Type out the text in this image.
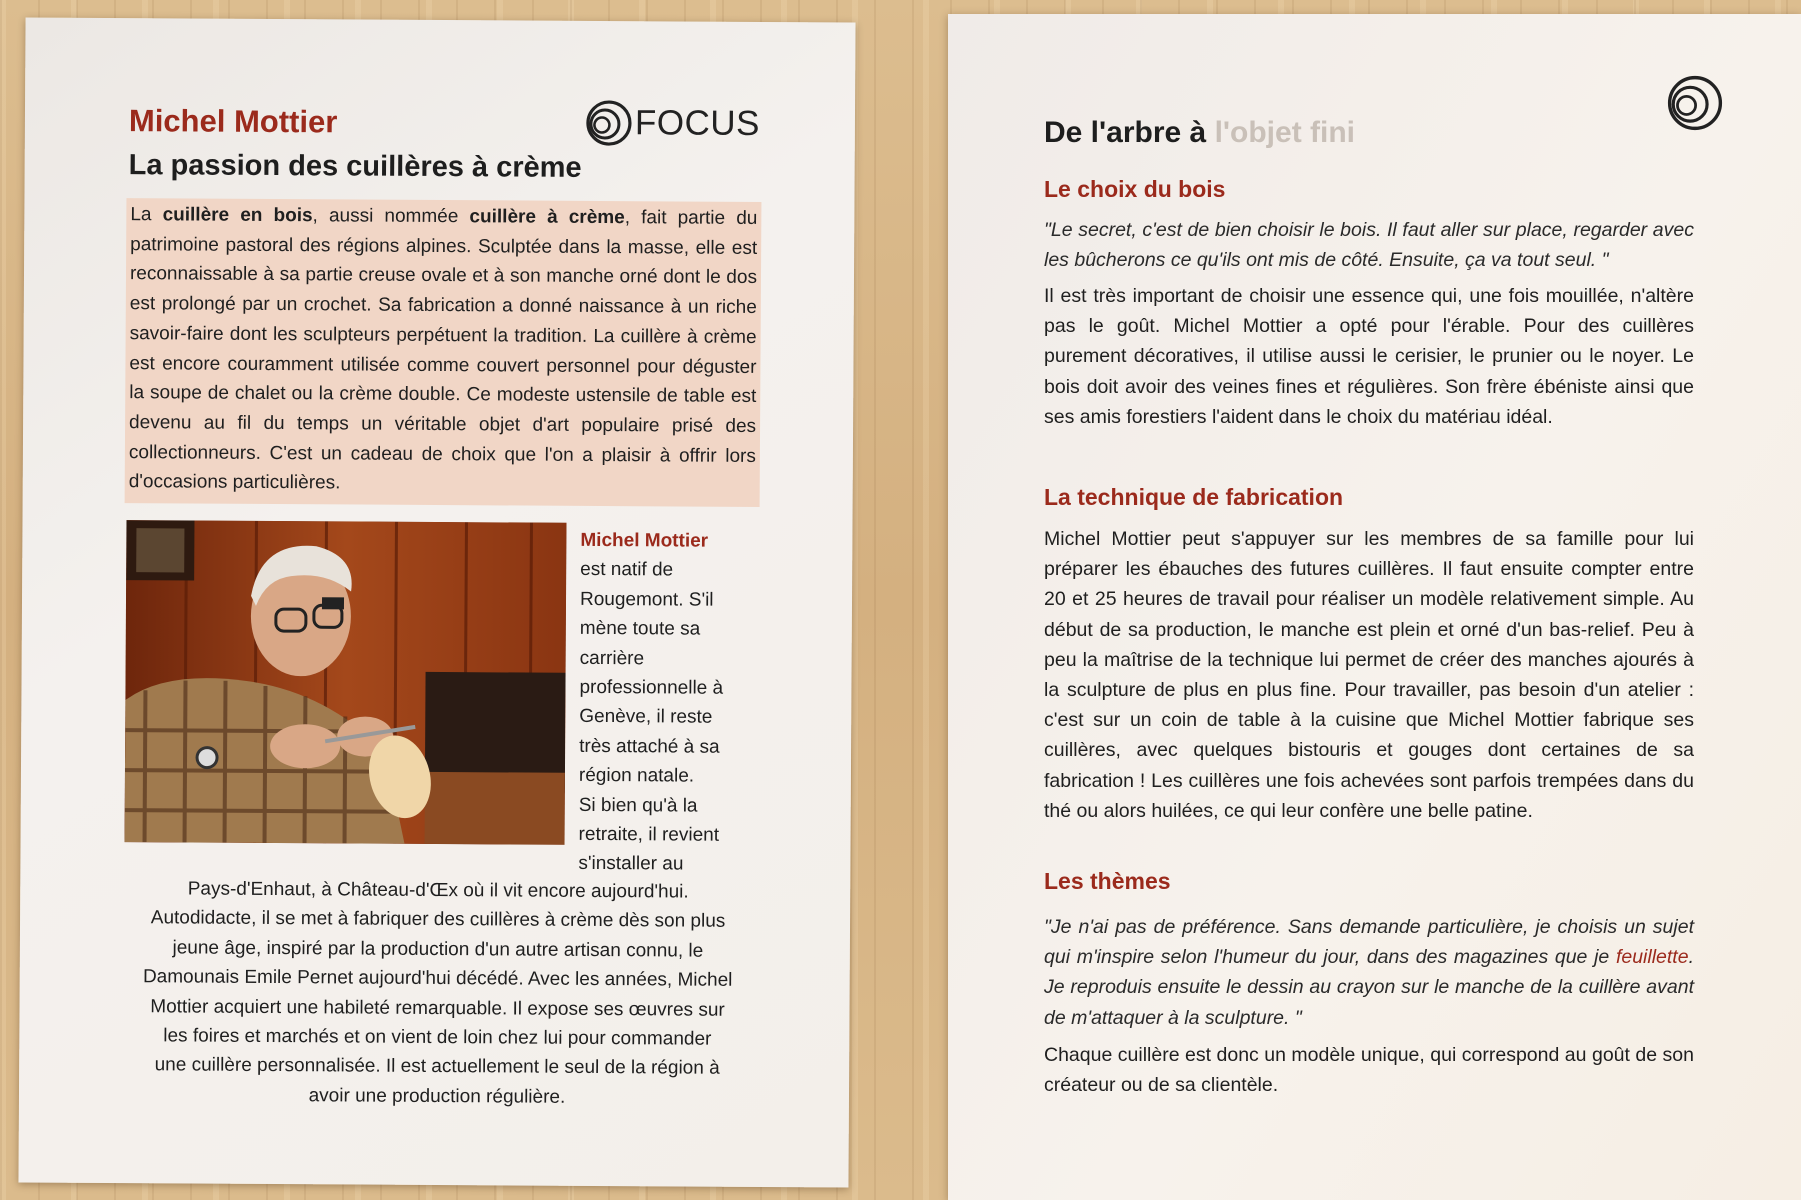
Michel Mottier	FOCUS
La passion des cuillères à crème
La cuillère en bois, aussi nommée cuillère à crème, fait partie du patrimoine pastoral des régions alpines. Sculptée dans la masse, elle est reconnaissable à sa partie creuse ovale et à son manche orné dont le dos est prolongé par un crochet. Sa fabrication a donné naissance à un riche savoir-faire dont les sculpteurs perpétuent la tradition. La cuillère à crème est encore couramment utilisée comme couvert personnel pour déguster la soupe de chalet ou la crème double. Ce modeste ustensile de table est devenu au fil du temps un véritable objet d'art populaire prisé des collectionneurs. C'est un cadeau de choix que l'on a plaisir à offrir lors d'occasions particulières.
Michel Mottier
est natif de
Rougemont. S'il
mène toute sa
carrière
professionnelle à
Genève, il reste
très attaché à sa
région natale.
Si bien qu'à la
retraite, il revient
s'installer au
Pays-d'Enhaut, à Château-d'Œx où il vit encore aujourd'hui.
Autodidacte, il se met à fabriquer des cuillères à crème dès son plus
jeune âge, inspiré par la production d'un autre artisan connu, le
Damounais Emile Pernet aujourd'hui décédé. Avec les années, Michel
Mottier acquiert une habileté remarquable. Il expose ses œuvres sur
les foires et marchés et on vient de loin chez lui pour commander
une cuillère personnalisée. Il est actuellement le seul de la région à
avoir une production régulière.
De l'arbre à l'objet fini
Le choix du bois

"Le secret, c'est de bien choisir le bois. Il faut aller sur place, regarder avec les bûcherons ce qu'ils ont mis de côté. Ensuite, ça va tout seul. "

Il est très important de choisir une essence qui, une fois mouillée, n'altère pas le goût. Michel Mottier a opté pour l'érable. Pour des cuillères purement décoratives, il utilise aussi le cerisier, le prunier ou le noyer. Le bois doit avoir des veines fines et régulières. Son frère ébéniste ainsi que ses amis forestiers l'aident dans le choix du matériau idéal.

La technique de fabrication

Michel Mottier peut s'appuyer sur les membres de sa famille pour lui préparer les ébauches des futures cuillères. Il faut ensuite compter entre 20 et 25 heures de travail pour réaliser un modèle relativement simple. Au début de sa production, le manche est plein et orné d'un bas-relief. Peu à peu la maîtrise de la technique lui permet de créer des manches ajourés à la sculpture de plus en plus fine. Pour travailler, pas besoin d'un atelier : c'est sur un coin de table à la cuisine que Michel Mottier fabrique ses cuillères, avec quelques bistouris et gouges dont certaines de sa fabrication ! Les cuillères une fois achevées sont parfois trempées dans du thé ou alors huilées, ce qui leur confère une belle patine.

Les thèmes

"Je n'ai pas de préférence. Sans demande particulière, je choisis un sujet qui m'inspire selon l'humeur du jour, dans des magazines que je feuillette. Je reproduis ensuite le dessin au crayon sur le manche de la cuillère avant de m'attaquer à la sculpture. "

Chaque cuillère est donc un modèle unique, qui correspond au goût de son créateur ou de sa clientèle.
